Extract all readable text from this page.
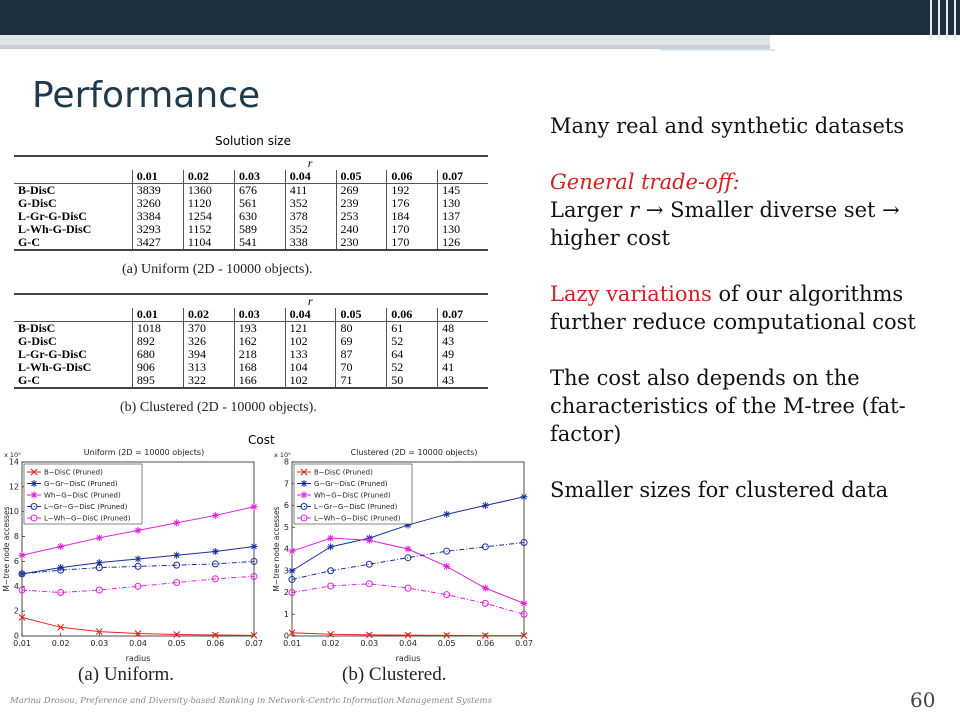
Performance
Solution size
	r						
	0.01	0.02	0.03	0.04	0.05	0.06	0.07
B-DisC	3839	1360	676	411	269	192	145
G-DisC	3260	1120	561	352	239	176	130
L-Gr-G-DisC	3384	1254	630	378	253	184	137
L-Wh-G-DisC	3293	1152	589	352	240	170	130
G-C	3427	1104	541	338	230	170	126
(a) Uniform (2D - 10000 objects).
	r						
	0.01	0.02	0.03	0.04	0.05	0.06	0.07
B-DisC	1018	370	193	121	80	61	48
G-DisC	892	326	162	102	69	52	43
L-Gr-G-DisC	680	394	218	133	87	64	49
L-Wh-G-DisC	906	313	168	104	70	52	41
G-C	895	322	166	102	71	50	43
(b) Clustered (2D - 10000 objects).
Cost
Uniform (2D = 10000 objects)
x 10⁵
M−tree node accesses
radius
0
2
4
6
8
10
12
14
0.01	0.02	0.03	0.04	0.05	0.06	0.07
B−DisC (Pruned)
G−Gr−DisC (Pruned)
Wh−G−DisC (Pruned)
L−Gr−G−DisC (Pruned)
L−Wh−G−DisC (Pruned)
Clustered (2D = 10000 objects)
x 10⁵
M−tree node accesses
radius
0
1
2
3
4
5
6
7
8
0.01	0.02	0.03	0.04	0.05	0.06	0.07
B−DisC (Pruned)
G−Gr−DisC (Pruned)
Wh−G−DisC (Pruned)
L−Gr−G−DisC (Pruned)
L−Wh−G−DisC (Pruned)
(a) Uniform.	(b) Clustered.

Many real and synthetic datasets

General trade-off:
Larger r → Smaller diverse set → higher cost

Lazy variations of our algorithms further reduce computational cost

The cost also depends on the characteristics of the M-tree (fat-factor)

Smaller sizes for clustered data

Marina Drosou, Preference and Diversity-based Ranking in Network-Centric Information Management Systems	60
